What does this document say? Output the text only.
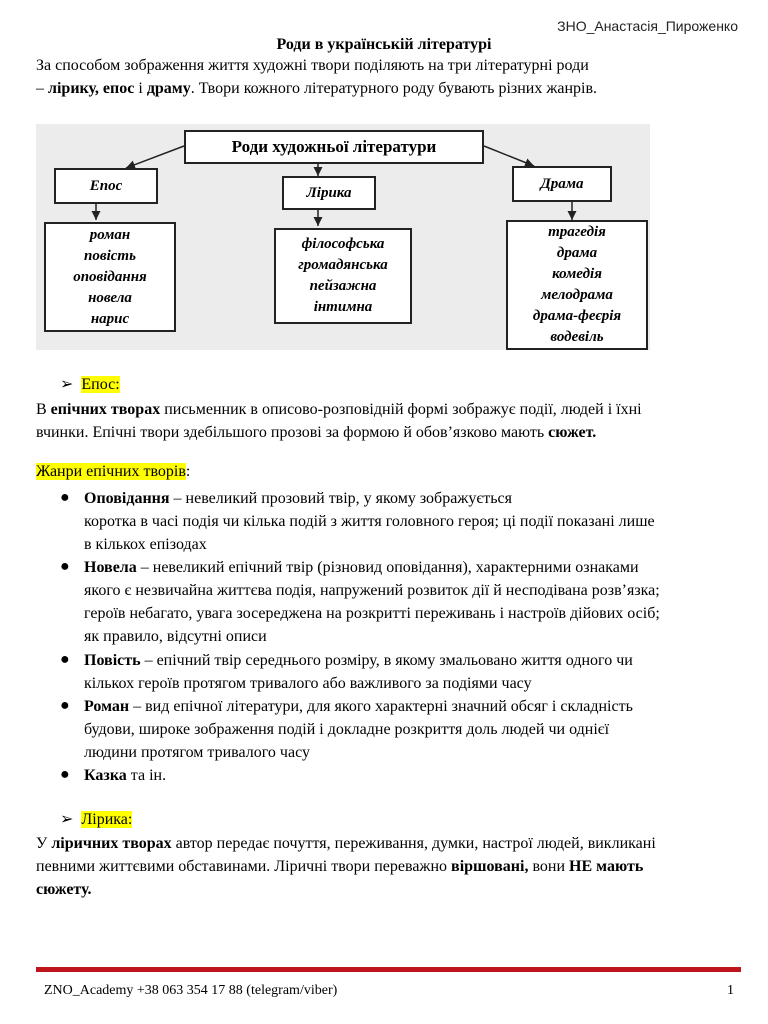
ЗНО_Анастасія_Пироженко
Роди в українській літературі
За способом зображення життя художні твори поділяють на три літературні роди
– лірику, епос і драму. Твори кожного літературного роду бувають різних жанрів.
Роди художньої літератури
Епос	Лірика
Драма
роман
повість
оповідання
новела
нарис
філософська
громадянська
пейзажна
інтимна
трагедія
драма
комедія
мелодрама
драма-феєрія
водевіль
➢ Епос:
В епічних творах письменник в описово-розповідній формі зображує події, людей і їхні
вчинки. Епічні твори здебільшого прозові за формою й обов’язково мають сюжет.
Жанри епічних творів:
● Оповідання – невеликий прозовий твір, у якому зображується
коротка в часі подія чи кілька подій з життя головного героя; ці події показані лише
в кількох епізодах
● Новела – невеликий епічний твір (різновид оповідання), характерними ознаками
якого є незвичайна життєва подія, напружений розвиток дії й несподівана розв’язка;
героїв небагато, увага зосереджена на розкритті переживань і настроїв дійових осіб;
як правило, відсутні описи
● Повість – епічний твір середнього розміру, в якому змальовано життя одного чи
кількох героїв протягом тривалого або важливого за подіями часу
● Роман – вид епічної літератури, для якого характерні значний обсяг і складність
будови, широке зображення подій і докладне розкриття доль людей чи однієї
людини протягом тривалого часу
● Казка та ін.
➢ Лірика:
У ліричних творах автор передає почуття, переживання, думки, настрої людей, викликані
певними життєвими обставинами. Ліричні твори переважно віршовані, вони НЕ мають
сюжету.
ZNO_Academy +38 063 354 17 88 (telegram/viber)	1
